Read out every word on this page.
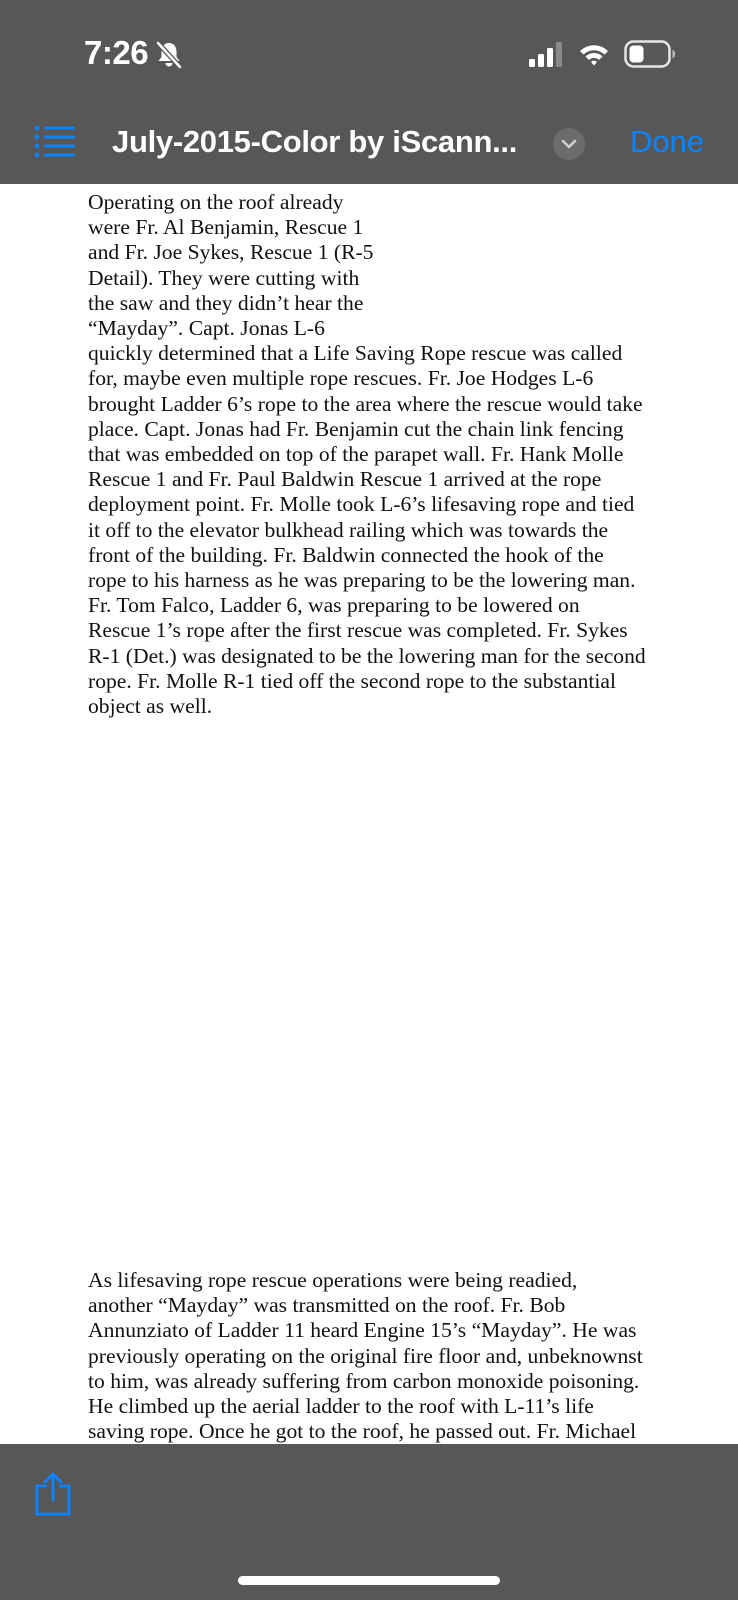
7:26
July-2015-Color by iScann...	Done

Operating on the roof already
were Fr. Al Benjamin, Rescue 1
and Fr. Joe Sykes, Rescue 1 (R-5
Detail). They were cutting with
the saw and they didn’t hear the
“Mayday”. Capt. Jonas L-6
quickly determined that a Life Saving Rope rescue was called
for, maybe even multiple rope rescues. Fr. Joe Hodges L-6
brought Ladder 6’s rope to the area where the rescue would take
place. Capt. Jonas had Fr. Benjamin cut the chain link fencing
that was embedded on top of the parapet wall. Fr. Hank Molle
Rescue 1 and Fr. Paul Baldwin Rescue 1 arrived at the rope
deployment point. Fr. Molle took L-6’s lifesaving rope and tied
it off to the elevator bulkhead railing which was towards the
front of the building. Fr. Baldwin connected the hook of the
rope to his harness as he was preparing to be the lowering man.
Fr. Tom Falco, Ladder 6, was preparing to be lowered on
Rescue 1’s rope after the first rescue was completed. Fr. Sykes
R-1 (Det.) was designated to be the lowering man for the second
rope. Fr. Molle R-1 tied off the second rope to the substantial
object as well.

As lifesaving rope rescue operations were being readied,
another “Mayday” was transmitted on the roof. Fr. Bob
Annunziato of Ladder 11 heard Engine 15’s “Mayday”. He was
previously operating on the original fire floor and, unbeknownst
to him, was already suffering from carbon monoxide poisoning.
He climbed up the aerial ladder to the roof with L-11’s life
saving rope. Once he got to the roof, he passed out. Fr. Michael
